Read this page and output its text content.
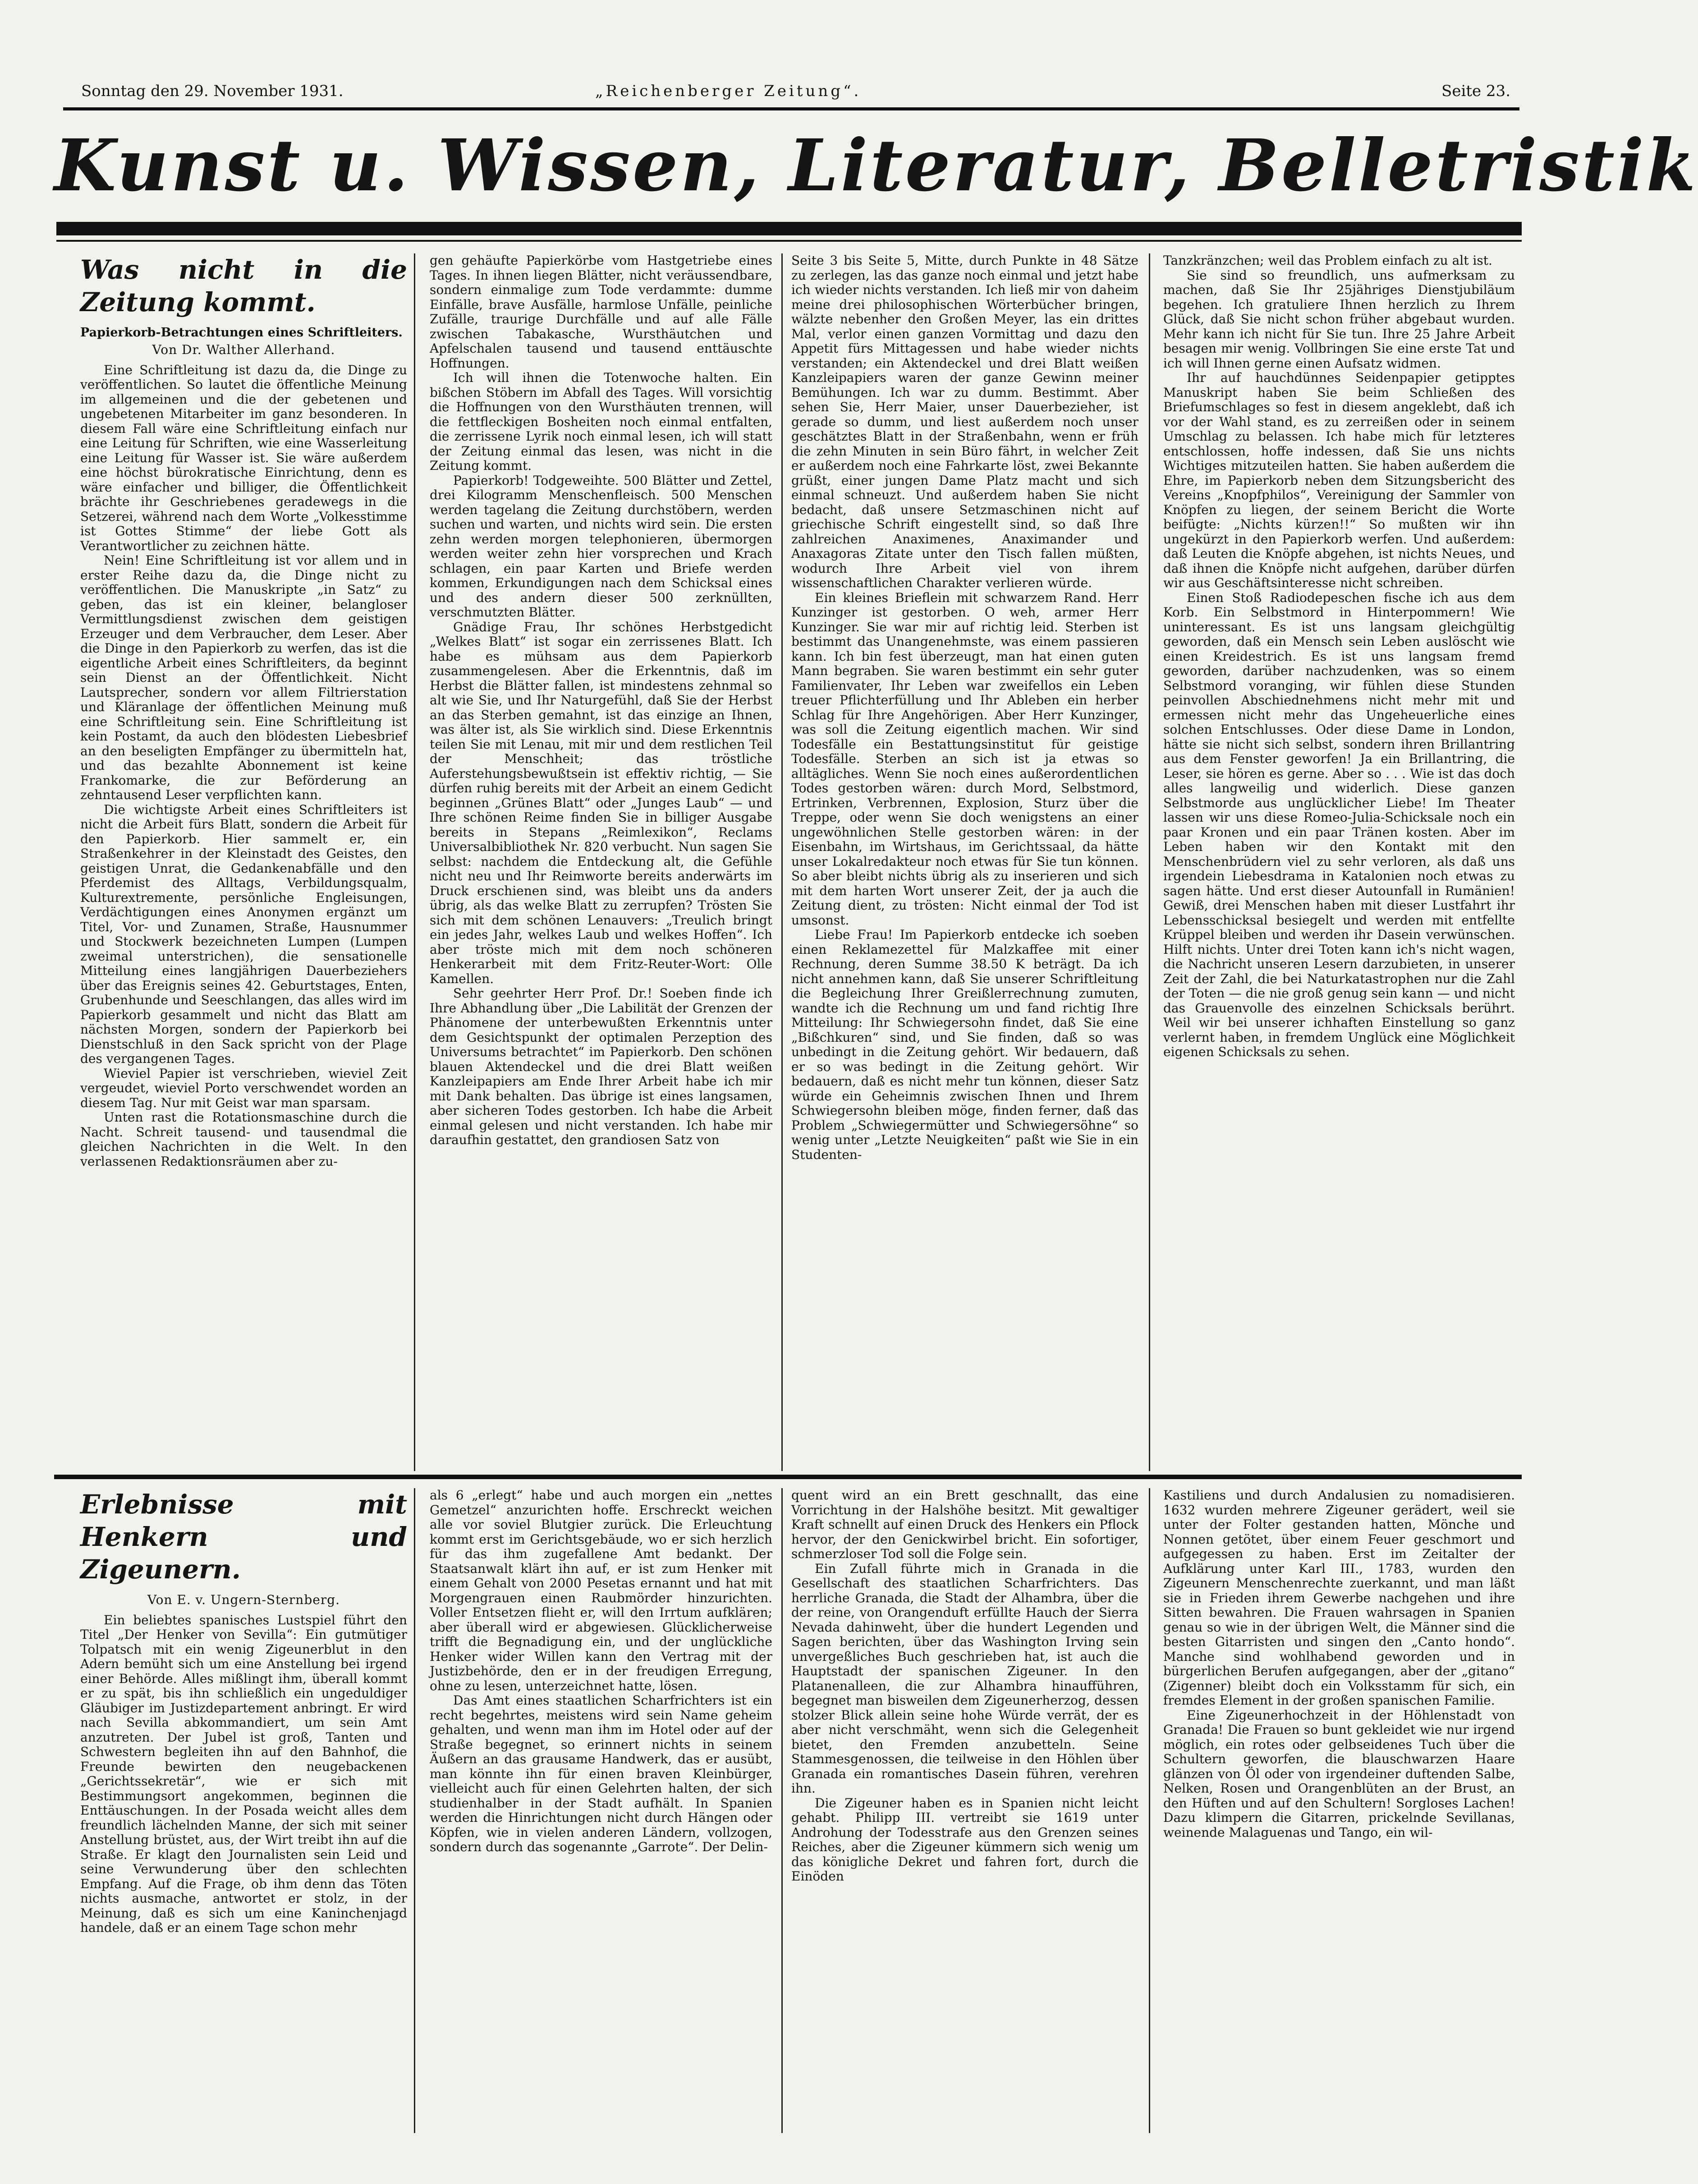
Sonntag den 29. November 1931.	„Reichenberger Zeitung“.	Seite 23.
Kunst u. Wissen, Literatur, Belletristik
Was nicht in die Zeitung kommt.
Papierkorb-Betrachtungen eines Schriftleiters.
Von Dr. Walther Allerhand.

Eine Schriftleitung ist dazu da, die Dinge zu veröffentlichen. So lautet die öffentliche Meinung im allgemeinen und die der gebetenen und ungebetenen Mitarbeiter im ganz besonderen. In diesem Fall wäre eine Schriftleitung einfach nur eine Leitung für Schriften, wie eine Wasserleitung eine Leitung für Wasser ist. Sie wäre außerdem eine höchst bürokratische Einrichtung, denn es wäre einfacher und billiger, die Öffentlichkeit brächte ihr Geschriebenes geradewegs in die Setzerei, während nach dem Worte „Volkesstimme ist Gottes Stimme“ der liebe Gott als Verantwortlicher zu zeichnen hätte.

Nein! Eine Schriftleitung ist vor allem und in erster Reihe dazu da, die Dinge nicht zu veröffentlichen. Die Manuskripte „in Satz“ zu geben, das ist ein kleiner, belangloser Vermittlungsdienst zwischen dem geistigen Erzeuger und dem Verbraucher, dem Leser. Aber die Dinge in den Papierkorb zu werfen, das ist die eigentliche Arbeit eines Schriftleiters, da beginnt sein Dienst an der Öffentlichkeit. Nicht Lautsprecher, sondern vor allem Filtrierstation und Kläranlage der öffentlichen Meinung muß eine Schriftleitung sein. Eine Schriftleitung ist kein Postamt, da auch den blödesten Liebesbrief an den beseligten Empfänger zu übermitteln hat, und das bezahlte Abonnement ist keine Frankomarke, die zur Beförderung an zehntausend Leser verpflichten kann.

Die wichtigste Arbeit eines Schriftleiters ist nicht die Arbeit fürs Blatt, sondern die Arbeit für den Papierkorb. Hier sammelt er, ein Straßenkehrer in der Kleinstadt des Geistes, den geistigen Unrat, die Gedankenabfälle und den Pferdemist des Alltags, Verbildungsqualm, Kulturextremente, persönliche Engleisungen, Verdächtigungen eines Anonymen ergänzt um Titel, Vor- und Zunamen, Straße, Hausnummer und Stockwerk bezeichneten Lumpen (Lumpen zweimal unterstrichen), die sensationelle Mitteilung eines langjährigen Dauerbeziehers über das Ereignis seines 42. Geburtstages, Enten, Grubenhunde und Seeschlangen, das alles wird im Papierkorb gesammelt und nicht das Blatt am nächsten Morgen, sondern der Papierkorb bei Dienstschluß in den Sack spricht von der Plage des vergangenen Tages.

Wieviel Papier ist verschrieben, wieviel Zeit vergeudet, wieviel Porto verschwendet worden an diesem Tag. Nur mit Geist war man sparsam.

Unten rast die Rotationsmaschine durch die Nacht. Schreit tausend- und tausendmal die gleichen Nachrichten in die Welt. In den verlassenen Redaktionsräumen aber zu-

gen gehäufte Papierkörbe vom Hastgetriebe eines Tages. In ihnen liegen Blätter, nicht veräussendbare, sondern einmalige zum Tode verdammte: dumme Einfälle, brave Ausfälle, harmlose Unfälle, peinliche Zufälle, traurige Durchfälle und auf alle Fälle zwischen Tabakasche, Wursthäutchen und Apfelschalen tausend und tausend enttäuschte Hoffnungen.

Ich will ihnen die Totenwoche halten. Ein bißchen Stöbern im Abfall des Tages. Will vorsichtig die Hoffnungen von den Wursthäuten trennen, will die fettfleckigen Bosheiten noch einmal entfalten, die zerrissene Lyrik noch einmal lesen, ich will statt der Zeitung einmal das lesen, was nicht in die Zeitung kommt.

Papierkorb! Todgeweihte. 500 Blätter und Zettel, drei Kilogramm Menschenfleisch. 500 Menschen werden tagelang die Zeitung durchstöbern, werden suchen und warten, und nichts wird sein. Die ersten zehn werden morgen telephonieren, übermorgen werden weiter zehn hier vorsprechen und Krach schlagen, ein paar Karten und Briefe werden kommen, Erkundigungen nach dem Schicksal eines und des andern dieser 500 zerknüllten, verschmutzten Blätter.

Gnädige Frau, Ihr schönes Herbstgedicht „Welkes Blatt“ ist sogar ein zerrissenes Blatt. Ich habe es mühsam aus dem Papierkorb zusammengelesen. Aber die Erkenntnis, daß im Herbst die Blätter fallen, ist mindestens zehnmal so alt wie Sie, und Ihr Naturgefühl, daß Sie der Herbst an das Sterben gemahnt, ist das einzige an Ihnen, was älter ist, als Sie wirklich sind. Diese Erkenntnis teilen Sie mit Lenau, mit mir und dem restlichen Teil der Menschheit; das tröstliche Auferstehungsbewußtsein ist effektiv richtig, — Sie dürfen ruhig bereits mit der Arbeit an einem Gedicht beginnen „Grünes Blatt“ oder „Junges Laub“ — und Ihre schönen Reime finden Sie in billiger Ausgabe bereits in Stepans „Reimlexikon“, Reclams Universalbibliothek Nr. 820 verbucht. Nun sagen Sie selbst: nachdem die Entdeckung alt, die Gefühle nicht neu und Ihr Reimworte bereits anderwärts im Druck erschienen sind, was bleibt uns da anders übrig, als das welke Blatt zu zerrupfen? Trösten Sie sich mit dem schönen Lenauvers: „Treulich bringt ein jedes Jahr, welkes Laub und welkes Hoffen“. Ich aber tröste mich mit dem noch schöneren Henkerarbeit mit dem Fritz-Reuter-Wort: Olle Kamellen.

Sehr geehrter Herr Prof. Dr.! Soeben finde ich Ihre Abhandlung über „Die Labilität der Grenzen der Phänomene der unterbewußten Erkenntnis unter dem Gesichtspunkt der optimalen Perzeption des Universums betrachtet“ im Papierkorb. Den schönen blauen Aktendeckel und die drei Blatt weißen Kanzleipapiers am Ende Ihrer Arbeit habe ich mir mit Dank behalten. Das übrige ist eines langsamen, aber sicheren Todes gestorben. Ich habe die Arbeit einmal gelesen und nicht verstanden. Ich habe mir daraufhin gestattet, den grandiosen Satz von

Seite 3 bis Seite 5, Mitte, durch Punkte in 48 Sätze zu zerlegen, las das ganze noch einmal und jetzt habe ich wieder nichts verstanden. Ich ließ mir von daheim meine drei philosophischen Wörterbücher bringen, wälzte nebenher den Großen Meyer, las ein drittes Mal, verlor einen ganzen Vormittag und dazu den Appetit fürs Mittagessen und habe wieder nichts verstanden; ein Aktendeckel und drei Blatt weißen Kanzleipapiers waren der ganze Gewinn meiner Bemühungen. Ich war zu dumm. Bestimmt. Aber sehen Sie, Herr Maier, unser Dauerbezieher, ist gerade so dumm, und liest außerdem noch unser geschätztes Blatt in der Straßenbahn, wenn er früh die zehn Minuten in sein Büro fährt, in welcher Zeit er außerdem noch eine Fahrkarte löst, zwei Bekannte grüßt, einer jungen Dame Platz macht und sich einmal schneuzt. Und außerdem haben Sie nicht bedacht, daß unsere Setzmaschinen nicht auf griechische Schrift eingestellt sind, so daß Ihre zahlreichen Anaximenes, Anaximander und Anaxagoras Zitate unter den Tisch fallen müßten, wodurch Ihre Arbeit viel von ihrem wissenschaftlichen Charakter verlieren würde.

Ein kleines Brieflein mit schwarzem Rand. Herr Kunzinger ist gestorben. O weh, armer Herr Kunzinger. Sie war mir auf richtig leid. Sterben ist bestimmt das Unangenehmste, was einem passieren kann. Ich bin fest überzeugt, man hat einen guten Mann begraben. Sie waren bestimmt ein sehr guter Familienvater, Ihr Leben war zweifellos ein Leben treuer Pflichterfüllung und Ihr Ableben ein herber Schlag für Ihre Angehörigen. Aber Herr Kunzinger, was soll die Zeitung eigentlich machen. Wir sind Todesfälle ein Bestattungsinstitut für geistige Todesfälle. Sterben an sich ist ja etwas so alltägliches. Wenn Sie noch eines außerordentlichen Todes gestorben wären: durch Mord, Selbstmord, Ertrinken, Verbrennen, Explosion, Sturz über die Treppe, oder wenn Sie doch wenigstens an einer ungewöhnlichen Stelle gestorben wären: in der Eisenbahn, im Wirtshaus, im Gerichtssaal, da hätte unser Lokalredakteur noch etwas für Sie tun können. So aber bleibt nichts übrig als zu inserieren und sich mit dem harten Wort unserer Zeit, der ja auch die Zeitung dient, zu trösten: Nicht einmal der Tod ist umsonst.

Liebe Frau! Im Papierkorb entdecke ich soeben einen Reklamezettel für Malzkaffee mit einer Rechnung, deren Summe 38.50 K beträgt. Da ich nicht annehmen kann, daß Sie unserer Schriftleitung die Begleichung Ihrer Greißlerrechnung zumuten, wandte ich die Rechnung um und fand richtig Ihre Mitteilung: Ihr Schwiegersohn findet, daß Sie eine „Bißchkuren“ sind, und Sie finden, daß so was unbedingt in die Zeitung gehört. Wir bedauern, daß er so was bedingt in die Zeitung gehört. Wir bedauern, daß es nicht mehr tun können, dieser Satz würde ein Geheimnis zwischen Ihnen und Ihrem Schwiegersohn bleiben möge, finden ferner, daß das Problem „Schwiegermütter und Schwiegersöhne“ so wenig unter „Letzte Neuigkeiten“ paßt wie Sie in ein Studenten-

Tanzkränzchen; weil das Problem einfach zu alt ist.

Sie sind so freundlich, uns aufmerksam zu machen, daß Sie Ihr 25jähriges Dienstjubiläum begehen. Ich gratuliere Ihnen herzlich zu Ihrem Glück, daß Sie nicht schon früher abgebaut wurden. Mehr kann ich nicht für Sie tun. Ihre 25 Jahre Arbeit besagen mir wenig. Vollbringen Sie eine erste Tat und ich will Ihnen gerne einen Aufsatz widmen.

Ihr auf hauchdünnes Seidenpapier getipptes Manuskript haben Sie beim Schließen des Briefumschlages so fest in diesem angeklebt, daß ich vor der Wahl stand, es zu zerreißen oder in seinem Umschlag zu belassen. Ich habe mich für letzteres entschlossen, hoffe indessen, daß Sie uns nichts Wichtiges mitzuteilen hatten. Sie haben außerdem die Ehre, im Papierkorb neben dem Sitzungsbericht des Vereins „Knopfphilos“, Vereinigung der Sammler von Knöpfen zu liegen, der seinem Bericht die Worte beifügte: „Nichts kürzen!!“ So mußten wir ihn ungekürzt in den Papierkorb werfen. Und außerdem: daß Leuten die Knöpfe abgehen, ist nichts Neues, und daß ihnen die Knöpfe nicht aufgehen, darüber dürfen wir aus Geschäftsinteresse nicht schreiben.

Einen Stoß Radiodepeschen fische ich aus dem Korb. Ein Selbstmord in Hinterpommern! Wie uninteressant. Es ist uns langsam gleichgültig geworden, daß ein Mensch sein Leben auslöscht wie einen Kreidestrich. Es ist uns langsam fremd geworden, darüber nachzudenken, was so einem Selbstmord voranging, wir fühlen diese Stunden peinvollen Abschiednehmens nicht mehr mit und ermessen nicht mehr das Ungeheuerliche eines solchen Entschlusses. Oder diese Dame in London, hätte sie nicht sich selbst, sondern ihren Brillantring aus dem Fenster geworfen! Ja ein Brillantring, die Leser, sie hören es gerne. Aber so . . . Wie ist das doch alles langweilig und widerlich. Diese ganzen Selbstmorde aus unglücklicher Liebe! Im Theater lassen wir uns diese Romeo-Julia-Schicksale noch ein paar Kronen und ein paar Tränen kosten. Aber im Leben haben wir den Kontakt mit den Menschenbrüdern viel zu sehr verloren, als daß uns irgendein Liebesdrama in Katalonien noch etwas zu sagen hätte. Und erst dieser Autounfall in Rumänien! Gewiß, drei Menschen haben mit dieser Lustfahrt ihr Lebensschicksal besiegelt und werden mit entfellte Krüppel bleiben und werden ihr Dasein verwünschen. Hilft nichts. Unter drei Toten kann ich's nicht wagen, die Nachricht unseren Lesern darzubieten, in unserer Zeit der Zahl, die bei Naturkatastrophen nur die Zahl der Toten — die nie groß genug sein kann — und nicht das Grauenvolle des einzelnen Schicksals berührt. Weil wir bei unserer ichhaften Einstellung so ganz verlernt haben, in fremdem Unglück eine Möglichkeit eigenen Schicksals zu sehen.

Erlebnisse mit Henkern und Zigeunern.
Von E. v. Ungern-Sternberg.

Ein beliebtes spanisches Lustspiel führt den Titel „Der Henker von Sevilla“: Ein gutmütiger Tolpatsch mit ein wenig Zigeunerblut in den Adern bemüht sich um eine Anstellung bei irgend einer Behörde. Alles mißlingt ihm, überall kommt er zu spät, bis ihn schließlich ein ungeduldiger Gläubiger im Justizdepartement anbringt. Er wird nach Sevilla abkommandiert, um sein Amt anzutreten. Der Jubel ist groß, Tanten und Schwestern begleiten ihn auf den Bahnhof, die Freunde bewirten den neugebackenen „Gerichtssekretär“, wie er sich mit Bestimmungsort angekommen, beginnen die Enttäuschungen. In der Posada weicht alles dem freundlich lächelnden Manne, der sich mit seiner Anstellung brüstet, aus, der Wirt treibt ihn auf die Straße. Er klagt den Journalisten sein Leid und seine Verwunderung über den schlechten Empfang. Auf die Frage, ob ihm denn das Töten nichts ausmache, antwortet er stolz, in der Meinung, daß es sich um eine Kaninchenjagd handele, daß er an einem Tage schon mehr

als 6 „erlegt“ habe und auch morgen ein „nettes Gemetzel“ anzurichten hoffe. Erschreckt weichen alle vor soviel Blutgier zurück. Die Erleuchtung kommt erst im Gerichtsgebäude, wo er sich herzlich für das ihm zugefallene Amt bedankt. Der Staatsanwalt klärt ihn auf, er ist zum Henker mit einem Gehalt von 2000 Pesetas ernannt und hat mit Morgengrauen einen Raubmörder hinzurichten. Voller Entsetzen flieht er, will den Irrtum aufklären; aber überall wird er abgewiesen. Glücklicherweise trifft die Begnadigung ein, und der unglückliche Henker wider Willen kann den Vertrag mit der Justizbehörde, den er in der freudigen Erregung, ohne zu lesen, unterzeichnet hatte, lösen.

Das Amt eines staatlichen Scharfrichters ist ein recht begehrtes, meistens wird sein Name geheim gehalten, und wenn man ihm im Hotel oder auf der Straße begegnet, so erinnert nichts in seinem Äußern an das grausame Handwerk, das er ausübt, man könnte ihn für einen braven Kleinbürger, vielleicht auch für einen Gelehrten halten, der sich studienhalber in der Stadt aufhält. In Spanien werden die Hinrichtungen nicht durch Hängen oder Köpfen, wie in vielen anderen Ländern, vollzogen, sondern durch das sogenannte „Garrote“. Der Delin-

quent wird an ein Brett geschnallt, das eine Vorrichtung in der Halshöhe besitzt. Mit gewaltiger Kraft schnellt auf einen Druck des Henkers ein Pflock hervor, der den Genickwirbel bricht. Ein sofortiger, schmerzloser Tod soll die Folge sein.

Ein Zufall führte mich in Granada in die Gesellschaft des staatlichen Scharfrichters. Das herrliche Granada, die Stadt der Alhambra, über die der reine, von Orangenduft erfüllte Hauch der Sierra Nevada dahinweht, über die hundert Legenden und Sagen berichten, über das Washington Irving sein unvergeßliches Buch geschrieben hat, ist auch die Hauptstadt der spanischen Zigeuner. In den Platanenalleen, die zur Alhambra hinaufführen, begegnet man bisweilen dem Zigeunerherzog, dessen stolzer Blick allein seine hohe Würde verrät, der es aber nicht verschmäht, wenn sich die Gelegenheit bietet, den Fremden anzubetteln. Seine Stammesgenossen, die teilweise in den Höhlen über Granada ein romantisches Dasein führen, verehren ihn.

Die Zigeuner haben es in Spanien nicht leicht gehabt. Philipp III. vertreibt sie 1619 unter Androhung der Todesstrafe aus den Grenzen seines Reiches, aber die Zigeuner kümmern sich wenig um das königliche Dekret und fahren fort, durch die Einöden

Kastiliens und durch Andalusien zu nomadisieren. 1632 wurden mehrere Zigeuner gerädert, weil sie unter der Folter gestanden hatten, Mönche und Nonnen getötet, über einem Feuer geschmort und aufgegessen zu haben. Erst im Zeitalter der Aufklärung unter Karl III., 1783, wurden den Zigeunern Menschenrechte zuerkannt, und man läßt sie in Frieden ihrem Gewerbe nachgehen und ihre Sitten bewahren. Die Frauen wahrsagen in Spanien genau so wie in der übrigen Welt, die Männer sind die besten Gitarristen und singen den „Canto hondo“. Manche sind wohlhabend geworden und in bürgerlichen Berufen aufgegangen, aber der „gitano“ (Zigenner) bleibt doch ein Volksstamm für sich, ein fremdes Element in der großen spanischen Familie.

Eine Zigeunerhochzeit in der Höhlenstadt von Granada! Die Frauen so bunt gekleidet wie nur irgend möglich, ein rotes oder gelbseidenes Tuch über die Schultern geworfen, die blauschwarzen Haare glänzen von Öl oder von irgendeiner duftenden Salbe, Nelken, Rosen und Orangenblüten an der Brust, an den Hüften und auf den Schultern! Sorgloses Lachen! Dazu klimpern die Gitarren, prickelnde Sevillanas, weinende Malaguenas und Tango, ein wil-
